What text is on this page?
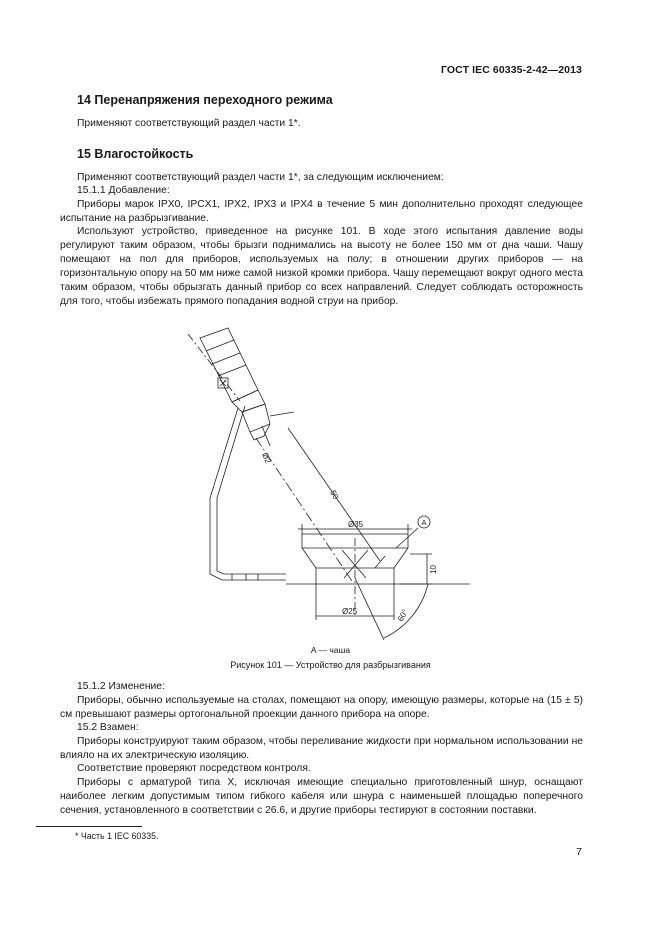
ГОСТ IEC 60335-2-42—2013
14 Перенапряжения переходного режима

Применяют соответствующий раздел части 1*.

15 Влагостойкость

Применяют соответствующий раздел части 1*, за следующим исключением:

15.1.1 Добавление:

Приборы марок IPX0, IPCX1, IPX2, IPX3 и IPX4 в течение 5 мин дополнительно проходят следующее испытание на разбрызгивание.

Используют устройство, приведенное на рисунке 101. В ходе этого испытания давление воды регулируют таким образом, чтобы брызги поднимались на высоту не более 150 мм от дна чаши. Чашу помещают на пол для приборов, используемых на полу; в отношении других приборов — на горизонтальную опору на 50 мм ниже самой низкой кромки прибора. Чашу перемещают вокруг одного места таким образом, чтобы обрызгать данный прибор со всех направлений. Следует соблюдать осторожность для того, чтобы избежать прямого попадания водной струи на прибор.

Ø2
50
Ø35	A
10
Ø25	60°
A — чаша
Рисунок 101 — Устройство для разбрызгивания

15.1.2 Изменение:

Приборы, обычно используемые на столах, помещают на опору, имеющую размеры, которые на (15 ± 5) см превышают размеры ортогональной проекции данного прибора на опоре.

15.2 Взамен:

Приборы конструируют таким образом, чтобы переливание жидкости при нормальном использовании не влияло на их электрическую изоляцию.

Соответствие проверяют посредством контроля.

Приборы с арматурой типа X, исключая имеющие специально приготовленный шнур, оснащают наиболее легким допустимым типом гибкого кабеля или шнура с наименьшей площадью поперечного сечения, установленного в соответствии с 26.6, и другие приборы тестируют в состоянии поставки.

* Часть 1 IEC 60335.
7
